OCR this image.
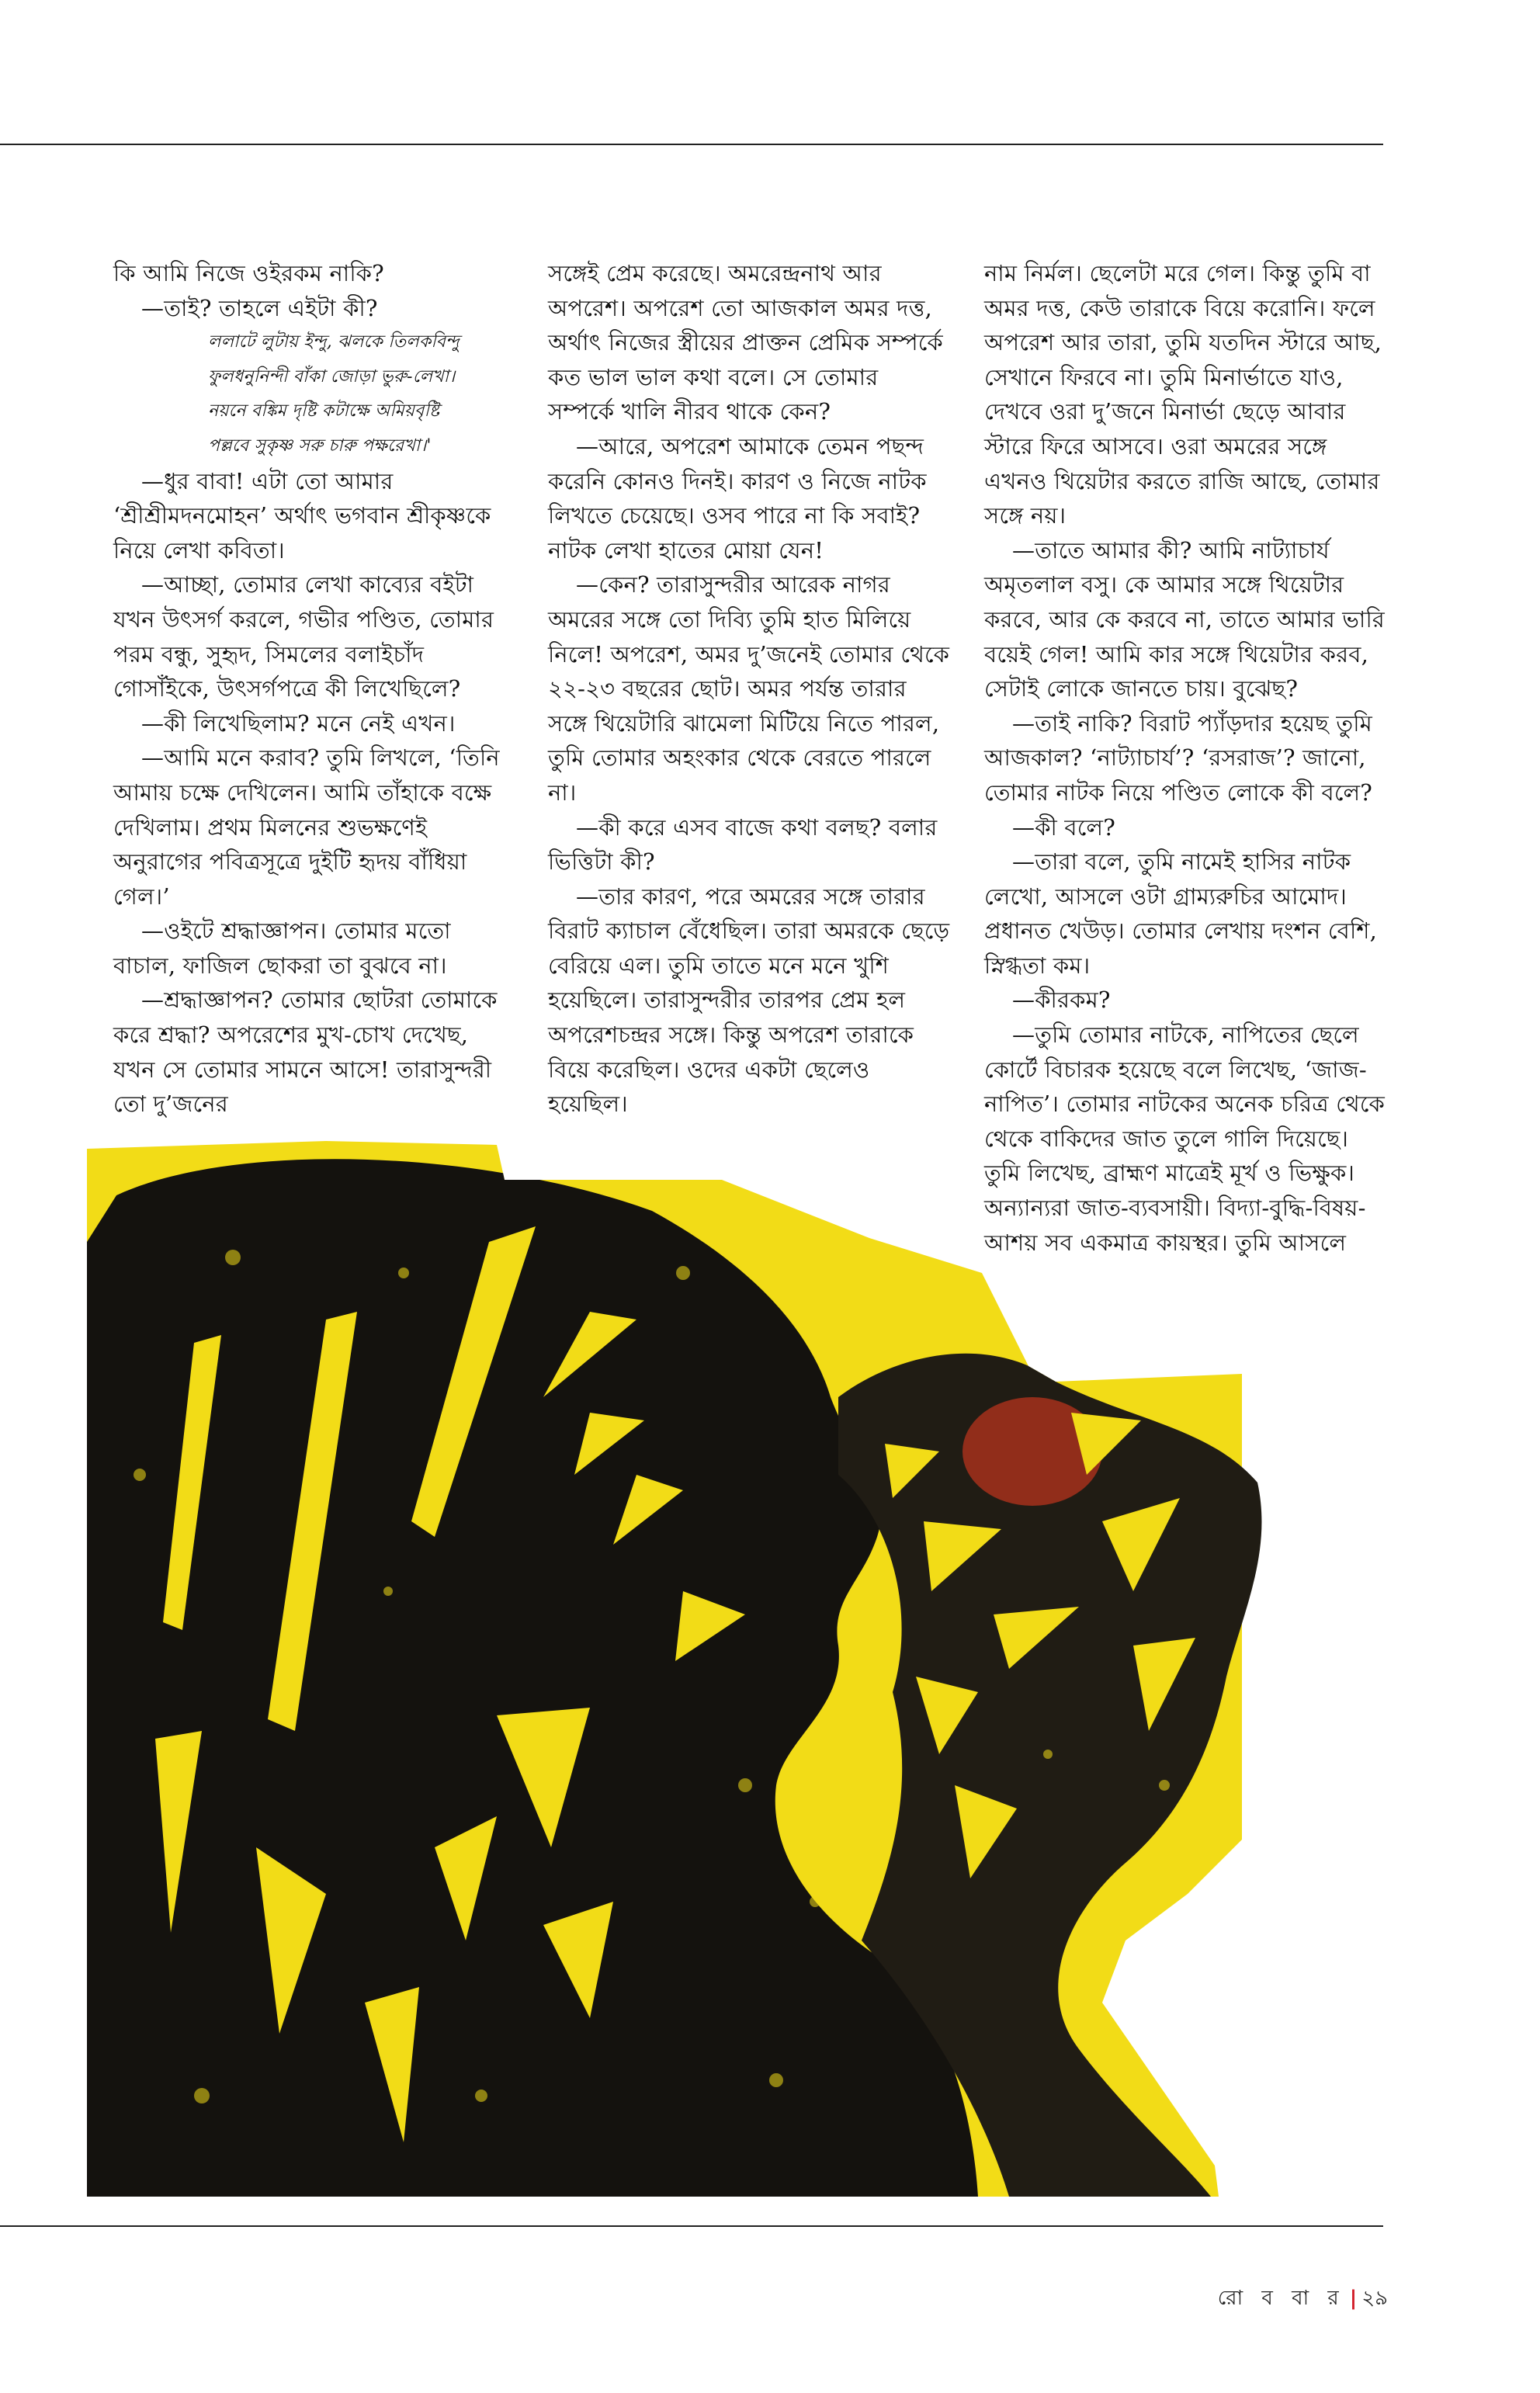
কি আমি নিজে ওইরকম নাকি?

—তাই? তাহলে এইটা কী?

ললাটে লুটায় ইন্দু, ঝলকে তিলকবিন্দু

ফুলধনুনিন্দী বাঁকা জোড়া ভুরু-লেখা।

নয়নে বঙ্কিম দৃষ্টি কটাক্ষে অমিয়বৃষ্টি

পল্লবে সুকৃষ্ণ সরু চারু পক্ষরেখা।'

—ধুর বাবা! এটা তো আমার ‘শ্রীশ্রীমদনমোহন’ অর্থাৎ ভগবান শ্রীকৃষ্ণকে নিয়ে লেখা কবিতা।

—আচ্ছা, তোমার লেখা কাব্যের বইটা যখন উৎসর্গ করলে, গভীর পণ্ডিত, তোমার পরম বন্ধু, সুহৃদ, সিমলের বলাইচাঁদ গোসাঁইকে, উৎসর্গপত্রে কী লিখেছিলে?

—কী লিখেছিলাম? মনে নেই এখন।

—আমি মনে করাব? তুমি লিখলে, ‘তিনি আমায় চক্ষে দেখিলেন। আমি তাঁহাকে বক্ষে দেখিলাম। প্রথম মিলনের শুভক্ষণেই অনুরাগের পবিত্রসূত্রে দুইটি হৃদয় বাঁধিয়া গেল।’

—ওইটে শ্রদ্ধাজ্ঞাপন। তোমার মতো বাচাল, ফাজিল ছোকরা তা বুঝবে না।

—শ্রদ্ধাজ্ঞাপন? তোমার ছোটরা তোমাকে করে শ্রদ্ধা? অপরেশের মুখ-চোখ দেখেছ, যখন সে তোমার সামনে আসে! তারাসুন্দরী তো দু’জনের

সঙ্গেই প্রেম করেছে। অমরেন্দ্রনাথ আর অপরেশ। অপরেশ তো আজকাল অমর দত্ত, অর্থাৎ নিজের স্ত্রীয়ের প্রাক্তন প্রেমিক সম্পর্কে কত ভাল ভাল কথা বলে। সে তোমার সম্পর্কে খালি নীরব থাকে কেন?

—আরে, অপরেশ আমাকে তেমন পছন্দ করেনি কোনও দিনই। কারণ ও নিজে নাটক লিখতে চেয়েছে। ওসব পারে না কি সবাই? নাটক লেখা হাতের মোয়া যেন!

—কেন? তারাসুন্দরীর আরেক নাগর অমরের সঙ্গে তো দিব্যি তুমি হাত মিলিয়ে নিলে! অপরেশ, অমর দু’জনেই তোমার থেকে ২২-২৩ বছরের ছোট। অমর পর্যন্ত তারার সঙ্গে থিয়েটারি ঝামেলা মিটিয়ে নিতে পারল, তুমি তোমার অহংকার থেকে বেরতে পারলে না।

—কী করে এসব বাজে কথা বলছ? বলার ভিত্তিটা কী?

—তার কারণ, পরে অমরের সঙ্গে তারার বিরাট ক্যাচাল বেঁধেছিল। তারা অমরকে ছেড়ে বেরিয়ে এল। তুমি তাতে মনে মনে খুশি হয়েছিলে। তারাসুন্দরীর তারপর প্রেম হল অপরেশচন্দ্রর সঙ্গে। কিন্তু অপরেশ তারাকে বিয়ে করেছিল। ওদের একটা ছেলেও হয়েছিল।

নাম নির্মল। ছেলেটা মরে গেল। কিন্তু তুমি বা অমর দত্ত, কেউ তারাকে বিয়ে করোনি। ফলে অপরেশ আর তারা, তুমি যতদিন স্টারে আছ, সেখানে ফিরবে না। তুমি মিনার্ভাতে যাও, দেখবে ওরা দু’জনে মিনার্ভা ছেড়ে আবার স্টারে ফিরে আসবে। ওরা অমরের সঙ্গে এখনও থিয়েটার করতে রাজি আছে, তোমার সঙ্গে নয়।

—তাতে আমার কী? আমি নাট্যাচার্য অমৃতলাল বসু। কে আমার সঙ্গে থিয়েটার করবে, আর কে করবে না, তাতে আমার ভারি বয়েই গেল! আমি কার সঙ্গে থিয়েটার করব, সেটাই লোকে জানতে চায়। বুঝেছ?

—তাই নাকি? বিরাট প্যাঁড়দার হয়েছ তুমি আজকাল? ‘নাট্যাচার্য’? ‘রসরাজ’? জানো, তোমার নাটক নিয়ে পণ্ডিত লোকে কী বলে?

—কী বলে?

—তারা বলে, তুমি নামেই হাসির নাটক লেখো, আসলে ওটা গ্রাম্যরুচির আমোদ। প্রধানত খেউড়। তোমার লেখায় দংশন বেশি, স্নিগ্ধতা কম।

—কীরকম?

—তুমি তোমার নাটকে, নাপিতের ছেলে কোর্টে বিচারক হয়েছে বলে লিখেছ, ‘জাজ-নাপিত’। তোমার নাটকের অনেক চরিত্র থেকে থেকে বাকিদের জাত তুলে গালি দিয়েছে। তুমি লিখেছ, ব্রাহ্মণ মাত্রেই মূর্খ ও ভিক্ষুক। অন্যান্যরা জাত-ব্যবসায়ী। বিদ্যা-বুদ্ধি-বিষয়-আশয় সব একমাত্র কায়স্থর। তুমি আসলে

রো ব বা র | ২৯
